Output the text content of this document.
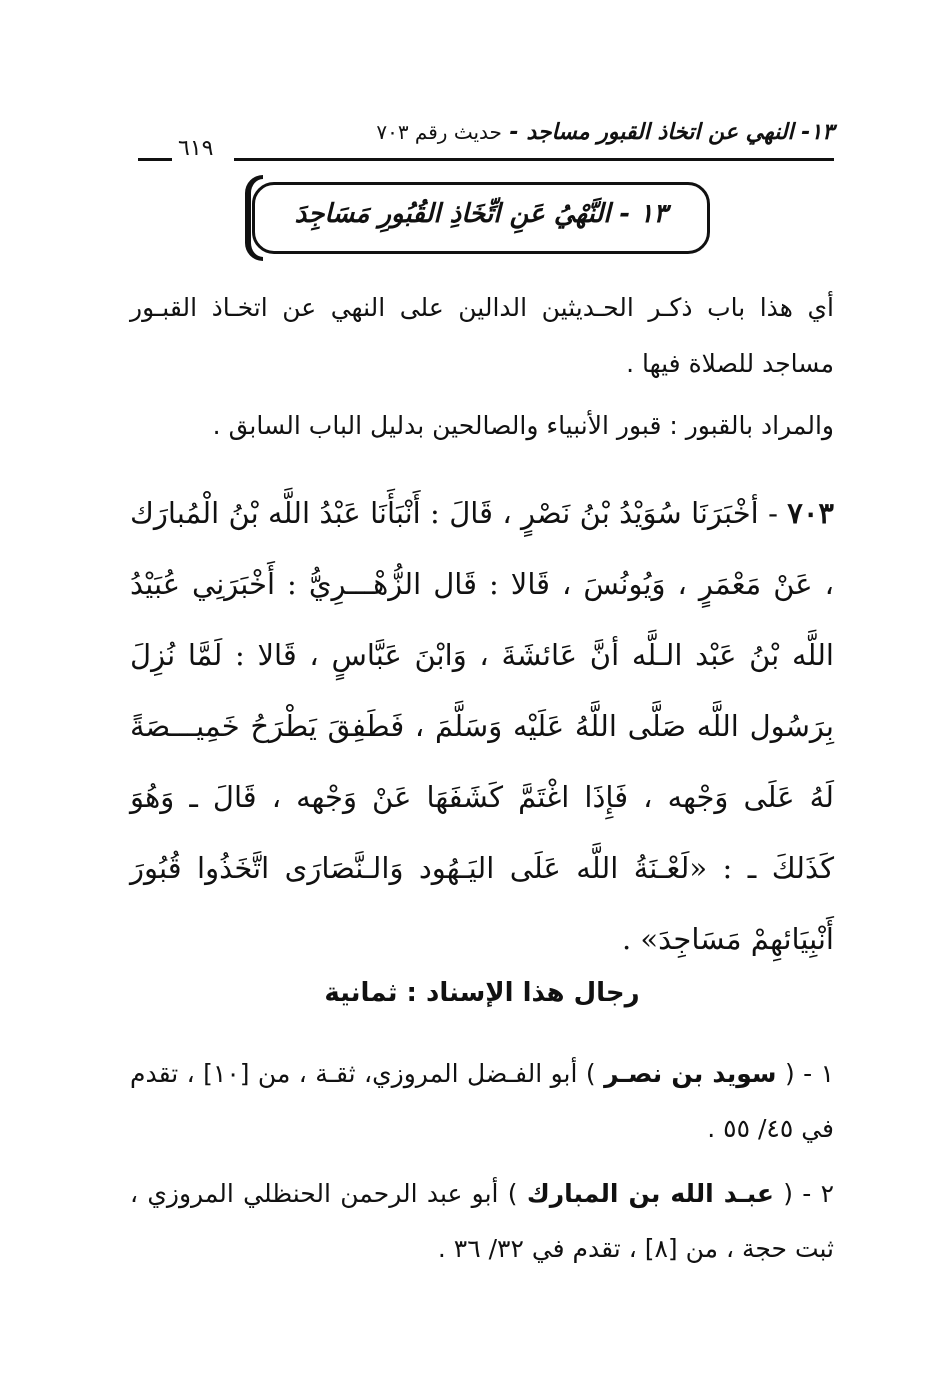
١٣- النهي عن اتخاذ القبور مساجد - حديث رقم ٧٠٣
٦١٩
١٣ - النَّهْيُ عَنِ اتِّخَاذِ القُبُورِ مَسَاجِدَ

أي هذا باب ذكـر الحـديثين الدالين على النهي عن اتخـاذ القبـور مساجد للصلاة فيها .

والمراد بالقبور : قبور الأنبياء والصالحين بدليل الباب السابق .

٧٠٣ - أخْبَرَنَا سُوَيْدُ بْنُ نَصْرٍ ، قَالَ : أَنْبَأَنَا عَبْدُ اللَّه بْنُ الْمُبارَك ، عَنْ مَعْمَرٍ ، وَيُونُسَ ، قَالا : قَال الزُّهْـــرِيُّ : أَخْبَرَنِي عُبَيْدُ اللَّه بْنُ عَبْد الـلَّه أنَّ عَائشَةَ ، وَابْنَ عَبَّاسٍ ، قَالا : لَمَّا نُزِلَ بِرَسُول اللَّه صَلَّى اللَّهُ عَلَيْه وَسَلَّمَ ، فَطَفِقَ يَطْرَحُ خَمِيـــصَةً لَهُ عَلَى وَجْهه ، فَإِذَا اغْتَمَّ كَشَفَهَا عَنْ وَجْهه ، قَالَ ـ وَهُوَ كَذَلكَ ـ : «لَعْـنَةُ اللَّه عَلَى اليَـهُود وَالـنَّصَارَى اتَّخَذُوا قُبُورَ أَنْبِيَائهِمْ مَسَاجِدَ» .
رجال هذا الإسناد : ثمانية
١ - ( سويد بن نصـر ) أبو الفـضل المروزي، ثقـة ، من [١٠] ، تقدم في ٤٥/ ٥٥ .
٢ - ( عبـد الله بن المبارك ) أبو عبد الرحمن الحنظلي المروزي ، ثبت حجة ، من [٨] ، تقدم في ٣٢/ ٣٦ .
